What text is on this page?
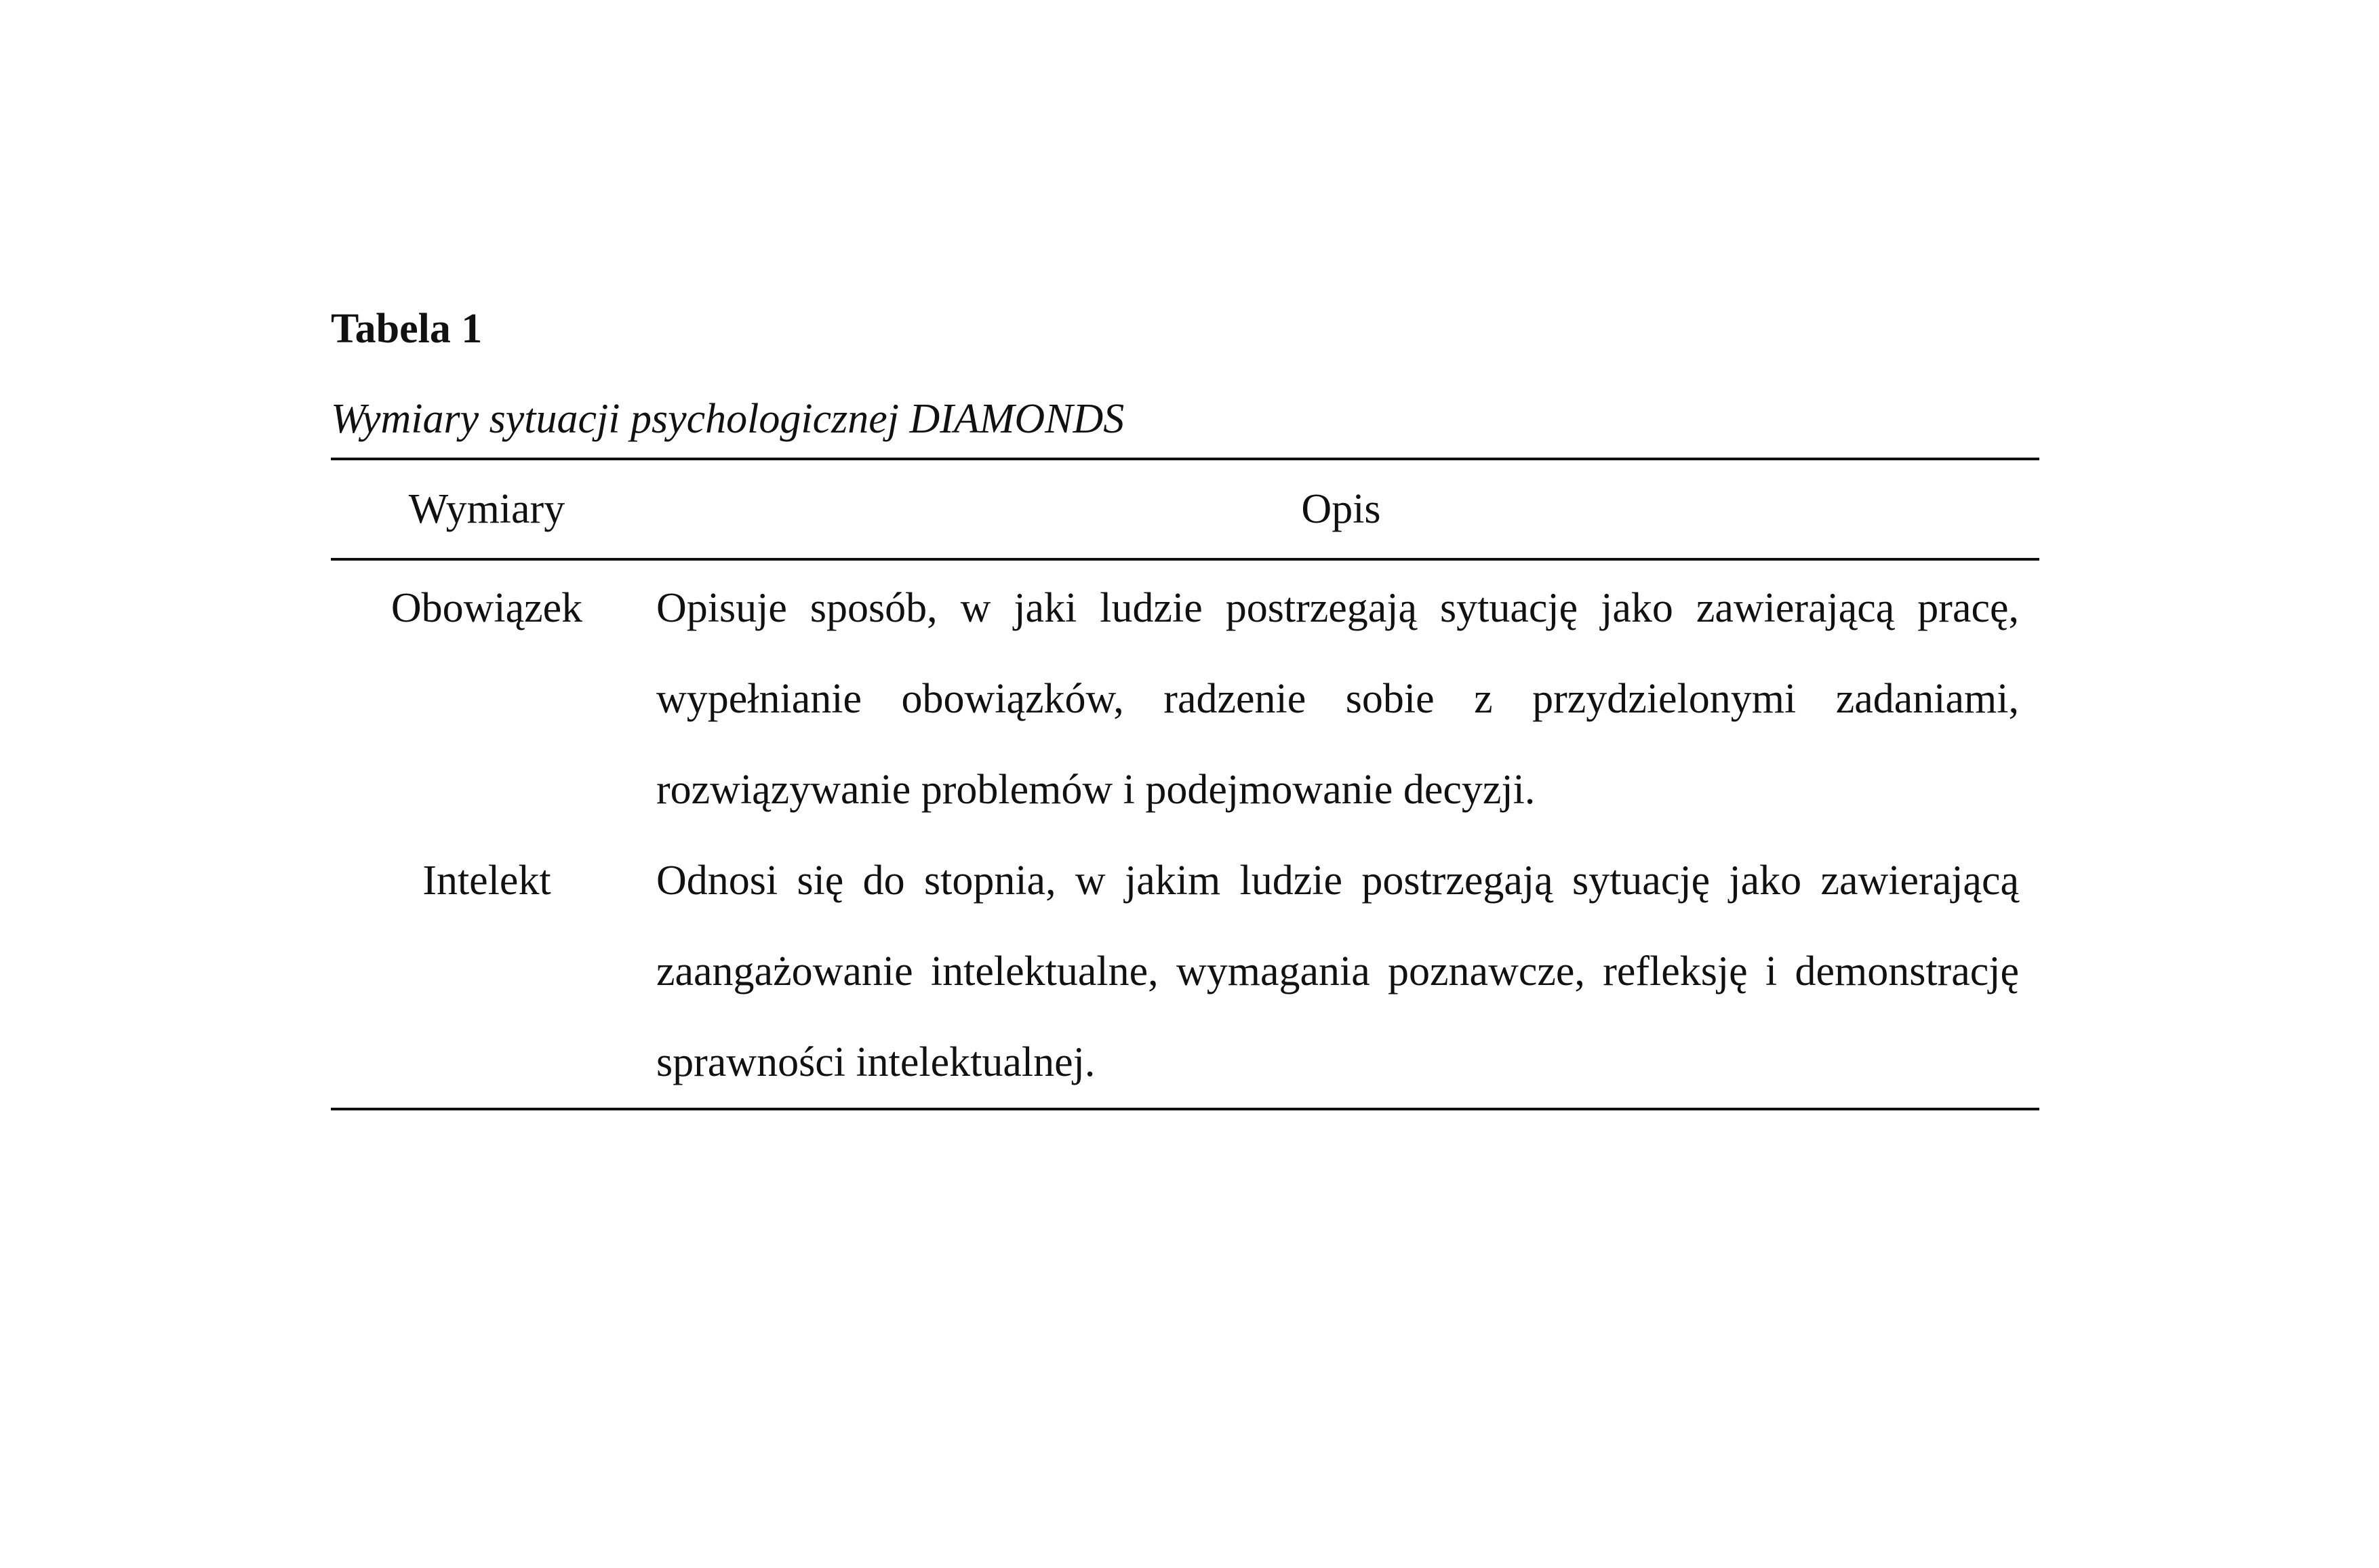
Tabela 1
Wymiary sytuacji psychologicznej DIAMONDS
Wymiary	Opis
Obowiązek	Opisuje sposób, w jaki ludzie postrzegają sytuację jako zawierającą pracę, wypełnianie obowiązków, radzenie sobie z przydzielonymi zadaniami, rozwiązywanie problemów i podejmowanie decyzji.
Intelekt	Odnosi się do stopnia, w jakim ludzie postrzegają sytuację jako zawierającą zaangażowanie intelektualne, wymagania poznawcze, refleksję i demonstrację sprawności intelektualnej.
